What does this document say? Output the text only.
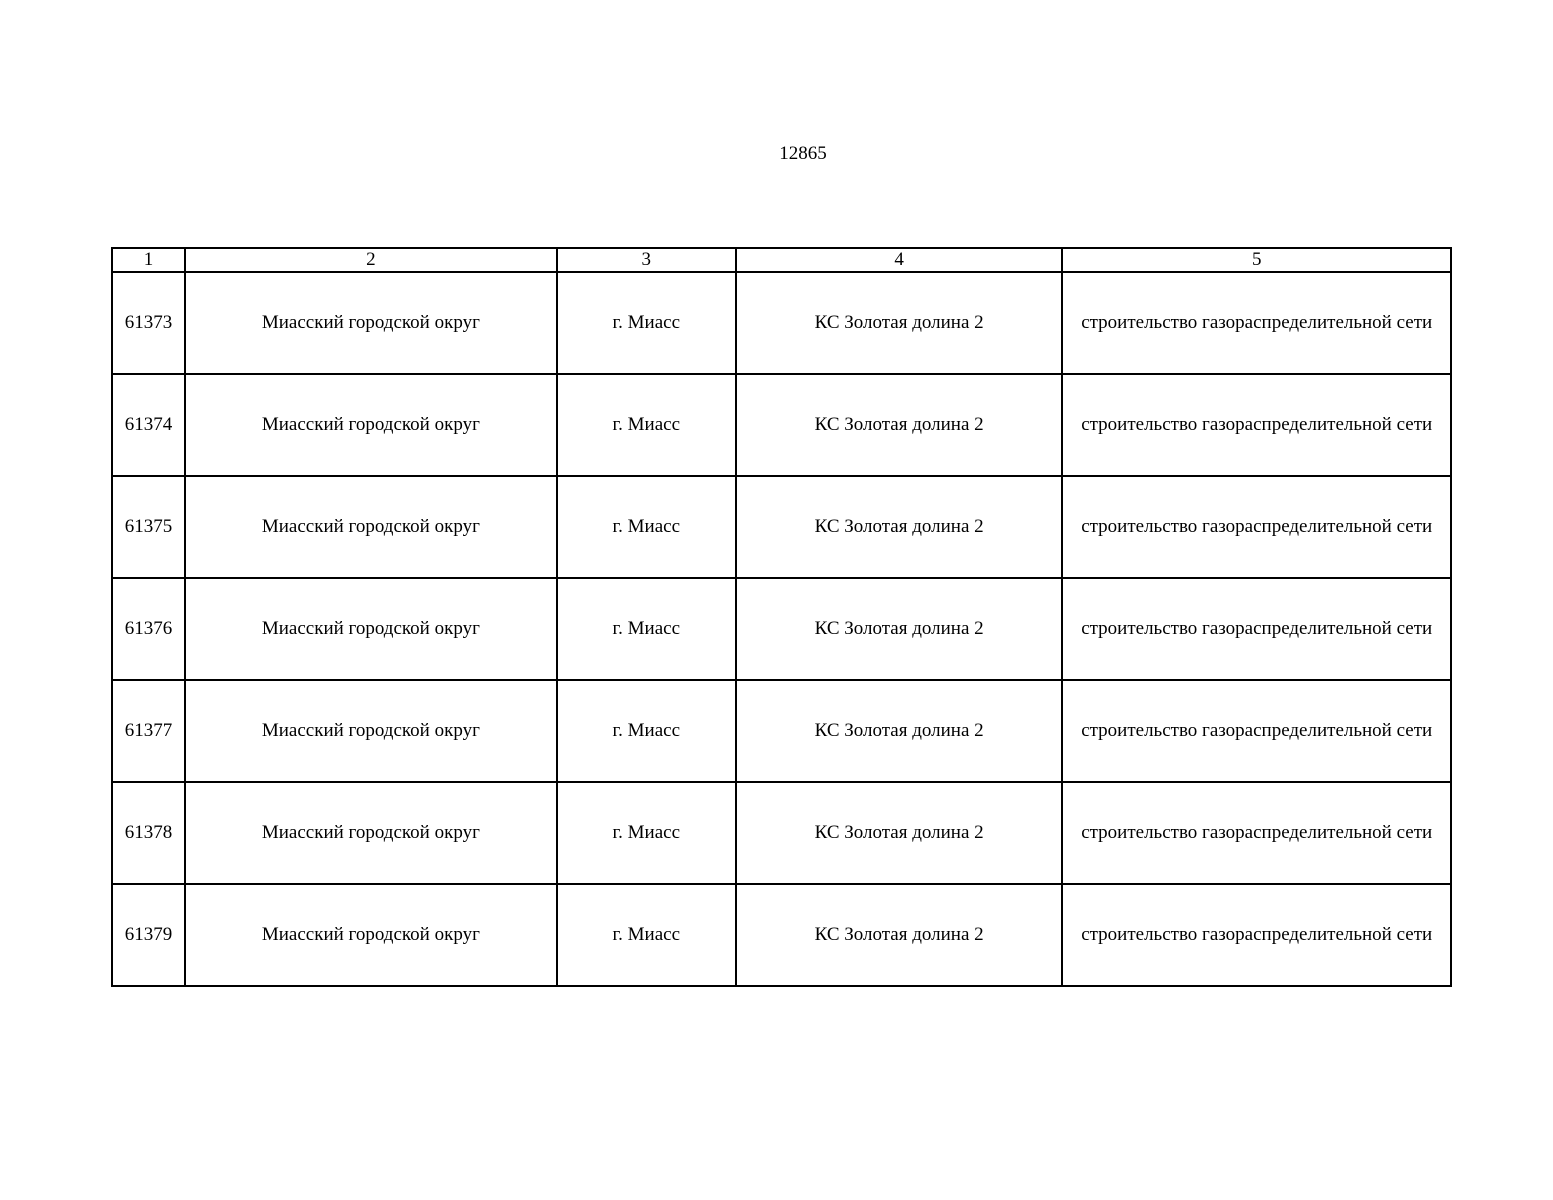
12865
1	2	3	4	5
61373	Миасский городской округ	г. Миасс	КС Золотая долина 2	строительство газораспределительной сети
61374	Миасский городской округ	г. Миасс	КС Золотая долина 2	строительство газораспределительной сети
61375	Миасский городской округ	г. Миасс	КС Золотая долина 2	строительство газораспределительной сети
61376	Миасский городской округ	г. Миасс	КС Золотая долина 2	строительство газораспределительной сети
61377	Миасский городской округ	г. Миасс	КС Золотая долина 2	строительство газораспределительной сети
61378	Миасский городской округ	г. Миасс	КС Золотая долина 2	строительство газораспределительной сети
61379	Миасский городской округ	г. Миасс	КС Золотая долина 2	строительство газораспределительной сети
